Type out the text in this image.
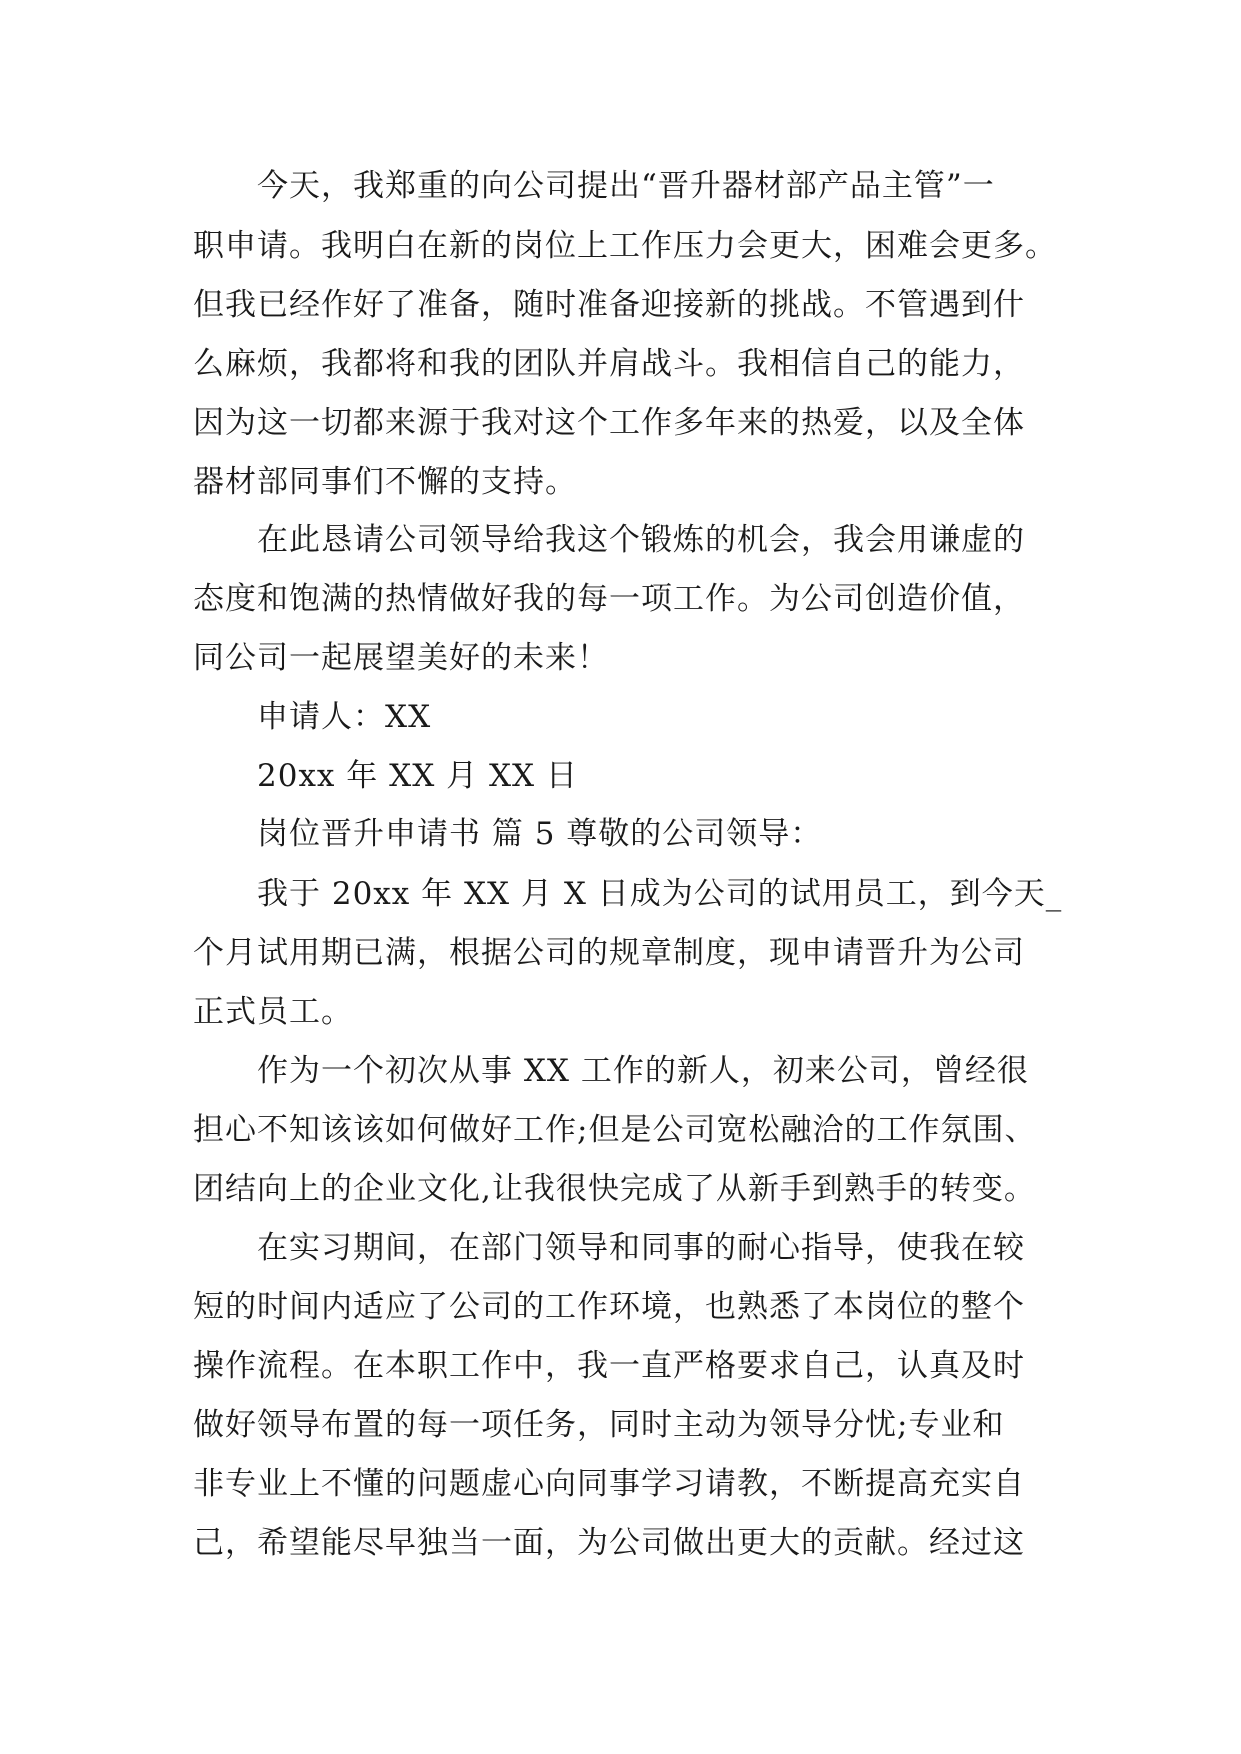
今天，我郑重的向公司提出“晋升器材部产品主管”一
职申请。我明白在新的岗位上工作压力会更大，困难会更多。
但我已经作好了准备，随时准备迎接新的挑战。不管遇到什
么麻烦，我都将和我的团队并肩战斗。我相信自己的能力，
因为这一切都来源于我对这个工作多年来的热爱，以及全体
器材部同事们不懈的支持。
在此恳请公司领导给我这个锻炼的机会，我会用谦虚的
态度和饱满的热情做好我的每一项工作。为公司创造价值，
同公司一起展望美好的未来！
申请人：XX
20xx 年 XX 月 XX 日
岗位晋升申请书 篇 5 尊敬的公司领导：
我于 20xx 年 XX 月 X 日成为公司的试用员工，到今天_
个月试用期已满，根据公司的规章制度，现申请晋升为公司
正式员工。
作为一个初次从事 XX 工作的新人，初来公司，曾经很
担心不知该该如何做好工作;但是公司宽松融洽的工作氛围、
团结向上的企业文化,让我很快完成了从新手到熟手的转变。
在实习期间，在部门领导和同事的耐心指导，使我在较
短的时间内适应了公司的工作环境，也熟悉了本岗位的整个
操作流程。在本职工作中，我一直严格要求自己，认真及时
做好领导布置的每一项任务，同时主动为领导分忧;专业和
非专业上不懂的问题虚心向同事学习请教，不断提高充实自
己，希望能尽早独当一面，为公司做出更大的贡献。经过这
